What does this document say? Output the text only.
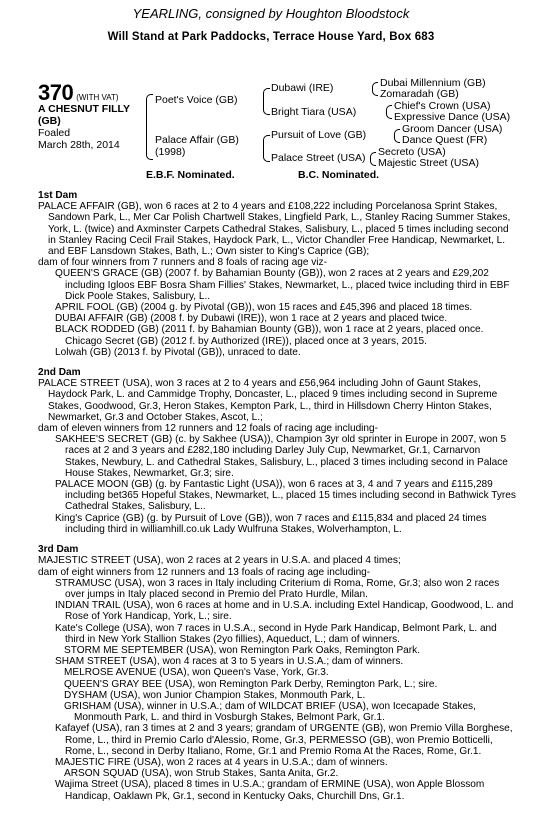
YEARLING, consigned by Houghton Bloodstock
Will Stand at Park Paddocks, Terrace House Yard, Box 683
370 (WITH VAT)
A CHESNUT FILLY
(GB)
Foaled
March 28th, 2014
Poet's Voice (GB)
Palace Affair (GB)
(1998)
Dubawi (IRE)
Bright Tiara (USA)
Pursuit of Love (GB)
Palace Street (USA)
Dubai Millennium (GB)
Zomaradah (GB)
Chief's Crown (USA)
Expressive Dance (USA)
Groom Dancer (USA)
Dance Quest (FR)
Secreto (USA)
Majestic Street (USA)
E.B.F. Nominated.	B.C. Nominated.
1st Dam
PALACE AFFAIR (GB), won 6 races at 2 to 4 years and £108,222 including Porcelanosa Sprint Stakes, Sandown Park, L., Mer Car Polish Chartwell Stakes, Lingfield Park, L., Stanley Racing Summer Stakes, York, L. (twice) and Axminster Carpets Cathedral Stakes, Salisbury, L., placed 5 times including second in Stanley Racing Cecil Frail Stakes, Haydock Park, L., Victor Chandler Free Handicap, Newmarket, L. and EBF Lansdown Stakes, Bath, L.; Own sister to King's Caprice (GB);
dam of four winners from 7 runners and 8 foals of racing age viz-
QUEEN'S GRACE (GB) (2007 f. by Bahamian Bounty (GB)), won 2 races at 2 years and £29,202 including Igloos EBF Bosra Sham Fillies' Stakes, Newmarket, L., placed twice including third in EBF Dick Poole Stakes, Salisbury, L..
APRIL FOOL (GB) (2004 g. by Pivotal (GB)), won 15 races and £45,396 and placed 18 times.
DUBAI AFFAIR (GB) (2008 f. by Dubawi (IRE)), won 1 race at 2 years and placed twice.
BLACK RODDED (GB) (2011 f. by Bahamian Bounty (GB)), won 1 race at 2 years, placed once. Chicago Secret (GB) (2012 f. by Authorized (IRE)), placed once at 3 years, 2015.
Lolwah (GB) (2013 f. by Pivotal (GB)), unraced to date.
2nd Dam
PALACE STREET (USA), won 3 races at 2 to 4 years and £56,964 including John of Gaunt Stakes, Haydock Park, L. and Cammidge Trophy, Doncaster, L., placed 9 times including second in Supreme Stakes, Goodwood, Gr.3, Heron Stakes, Kempton Park, L., third in Hillsdown Cherry Hinton Stakes, Newmarket, Gr.3 and October Stakes, Ascot, L.;
dam of eleven winners from 12 runners and 12 foals of racing age including-
SAKHEE'S SECRET (GB) (c. by Sakhee (USA)), Champion 3yr old sprinter in Europe in 2007, won 5 races at 2 and 3 years and £282,180 including Darley July Cup, Newmarket, Gr.1, Carnarvon Stakes, Newbury, L. and Cathedral Stakes, Salisbury, L., placed 3 times including second in Palace House Stakes, Newmarket, Gr.3; sire.
PALACE MOON (GB) (g. by Fantastic Light (USA)), won 6 races at 3, 4 and 7 years and £115,289 including bet365 Hopeful Stakes, Newmarket, L., placed 15 times including second in Bathwick Tyres Cathedral Stakes, Salisbury, L..
King's Caprice (GB) (g. by Pursuit of Love (GB)), won 7 races and £115,834 and placed 24 times including third in williamhill.co.uk Lady Wulfruna Stakes, Wolverhampton, L.
3rd Dam
MAJESTIC STREET (USA), won 2 races at 2 years in U.S.A. and placed 4 times;
dam of eight winners from 12 runners and 13 foals of racing age including-
STRAMUSC (USA), won 3 races in Italy including Criterium di Roma, Rome, Gr.3; also won 2 races over jumps in Italy placed second in Premio del Prato Hurdle, Milan.
INDIAN TRAIL (USA), won 6 races at home and in U.S.A. including Extel Handicap, Goodwood, L. and Rose of York Handicap, York, L.; sire.
Kate's College (USA), won 7 races in U.S.A., second in Hyde Park Handicap, Belmont Park, L. and third in New York Stallion Stakes (2yo fillies), Aqueduct, L.; dam of winners.
STORM ME SEPTEMBER (USA), won Remington Park Oaks, Remington Park.
SHAM STREET (USA), won 4 races at 3 to 5 years in U.S.A.; dam of winners.
MELROSE AVENUE (USA), won Queen's Vase, York, Gr.3.
QUEEN'S GRAY BEE (USA), won Remington Park Derby, Remington Park, L.; sire.
DYSHAM (USA), won Junior Champion Stakes, Monmouth Park, L.
GRISHAM (USA), winner in U.S.A.; dam of WILDCAT BRIEF (USA), won Icecapade Stakes, Monmouth Park, L. and third in Vosburgh Stakes, Belmont Park, Gr.1.
Kafayef (USA), ran 3 times at 2 and 3 years; grandam of URGENTE (GB), won Premio Villa Borghese, Rome, L., third in Premio Carlo d'Alessio, Rome, Gr.3, PERMESSO (GB), won Premio Botticelli, Rome, L., second in Derby Italiano, Rome, Gr.1 and Premio Roma At the Races, Rome, Gr.1.
MAJESTIC FIRE (USA), won 2 races at 4 years in U.S.A.; dam of winners.
ARSON SQUAD (USA), won Strub Stakes, Santa Anita, Gr.2.
Wajima Street (USA), placed 8 times in U.S.A.; grandam of ERMINE (USA), won Apple Blossom Handicap, Oaklawn Pk, Gr.1, second in Kentucky Oaks, Churchill Dns, Gr.1.
